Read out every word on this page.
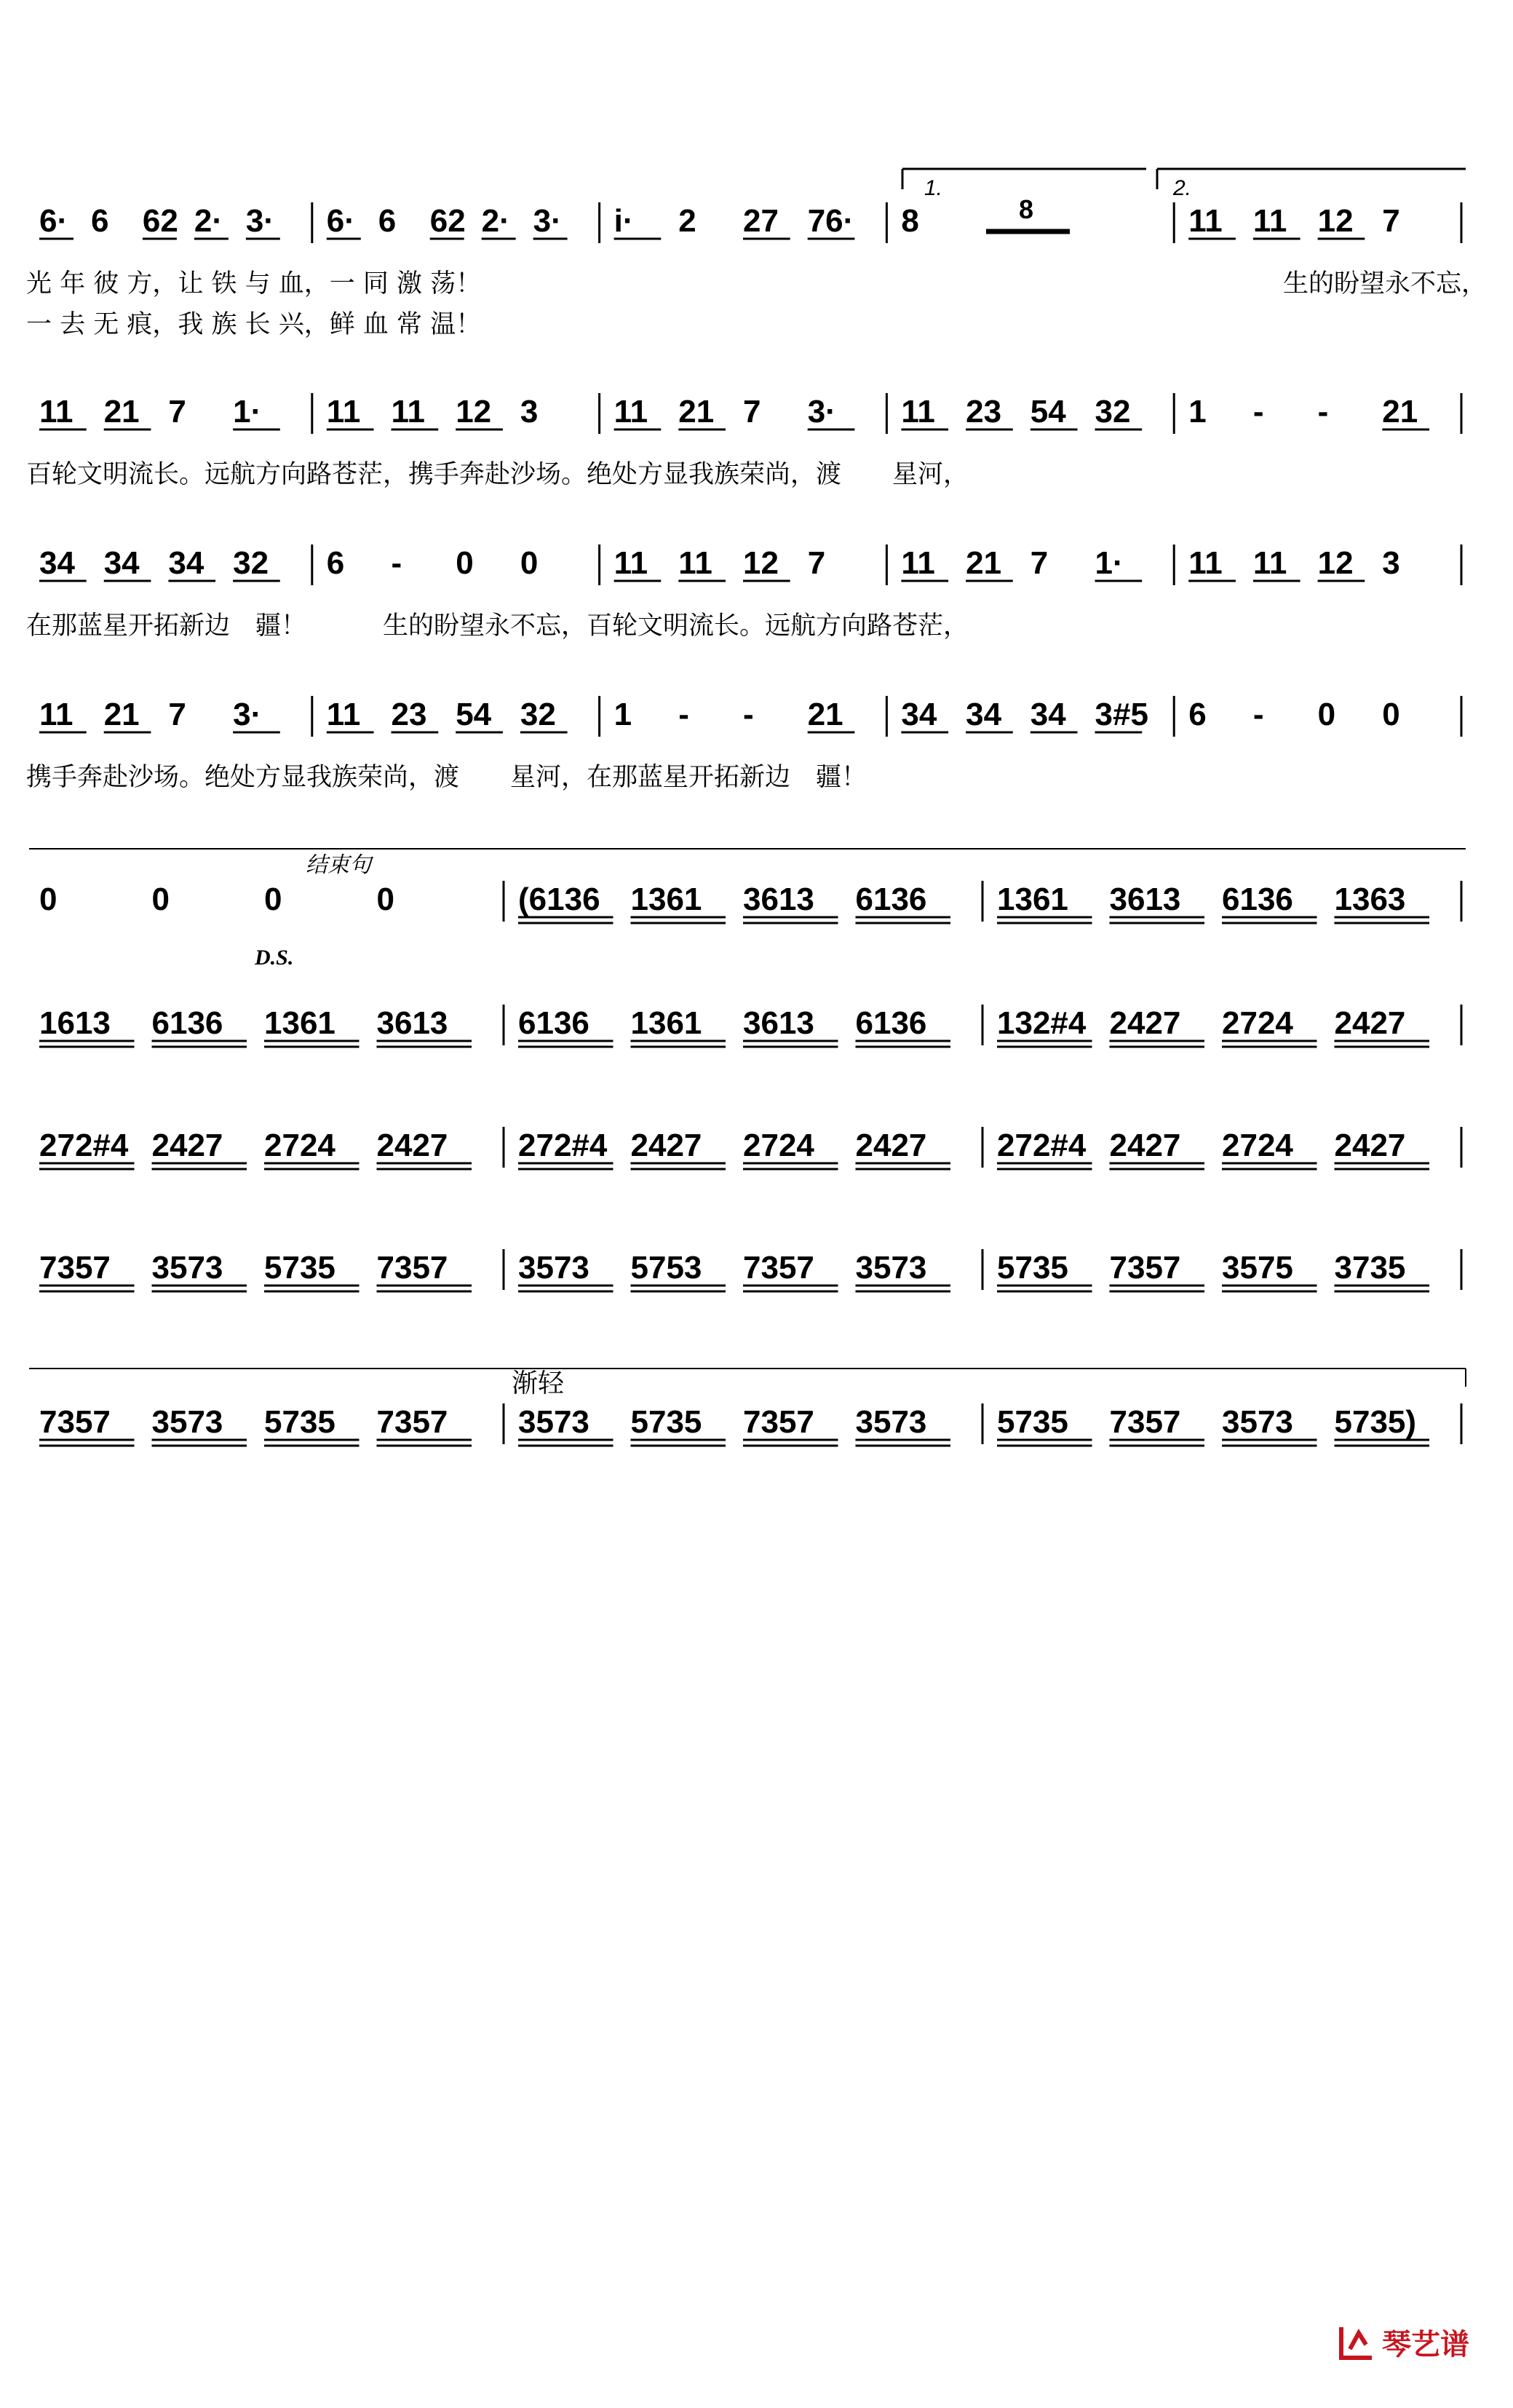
6· 6 62 2· 3· 6· 6 62 2· 3· i· 2 27 76· 8	11 11 12 7
11 21 7 1· 11 11 12 3 11 21 7 3· 11 23 54 32 1 - - 21
34 34 34 32 6 - 0 0 11 11 12 7 11 21 7 1· 11 11 12 3
11 21 7 3· 11 23 54 32 1 - - 21 34 34 34 3#5 6 - 0 0
0	0	0	0	(6136 1361 3613 6136 1361 3613 6136 1363
1613 6136 1361 3613 6136 1361 3613 6136 132#4 2427 2724 2427
272#4 2427 2724 2427 272#4 2427 2724 2427 272#4 2427 2724 2427
7357 3573 5735 7357 3573 5753 7357 3573 5735 7357 3575 3735
7357 3573 5735 7357 3573 5735 7357 3573 5735 7357 3573 5735)
1.	2.
8
D.S.
结束句
渐轻
光 年 彼 方，让 铁 与 血，一 同 激 荡！	生的盼望永不忘，
一 去 无 痕，我 族 长 兴，鲜 血 常 温！
百轮文明流长。远航方向路苍茫，携手奔赴沙场。绝处方显我族荣尚，渡　　星河，
在那蓝星开拓新边　疆！　　　生的盼望永不忘，百轮文明流长。远航方向路苍茫，
携手奔赴沙场。绝处方显我族荣尚，渡　　星河，在那蓝星开拓新边　疆！
琴艺谱
